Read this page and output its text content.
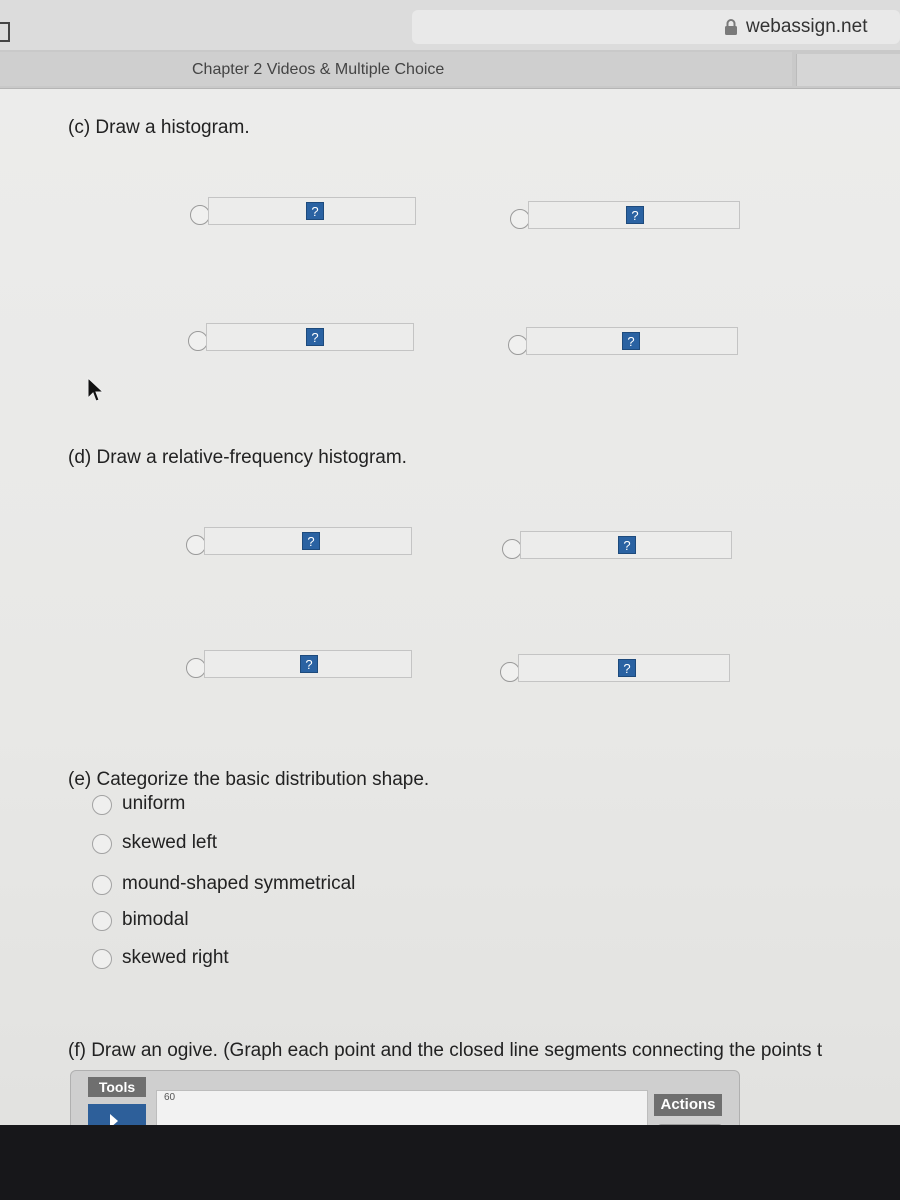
webassign.net
Chapter 2 Videos & Multiple Choice
(c) Draw a histogram.
?	?
?	?
(d) Draw a relative-frequency histogram.
?	?
?	?
(e) Categorize the basic distribution shape.
uniform
skewed left
mound-shaped symmetrical
bimodal
skewed right
(f) Draw an ogive. (Graph each point and the closed line segments connecting the points t
Tools
60	Actions
